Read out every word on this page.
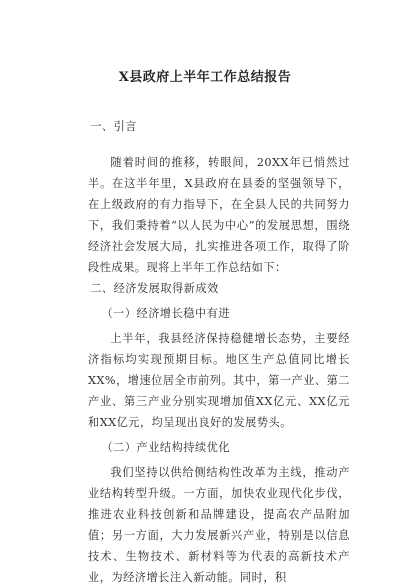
X县政府上半年工作总结报告

一、引言

随着时间的推移，转眼间，20XX年已悄然过半。在这半年里，X县政府在县委的坚强领导下，在上级政府的有力指导下，在全县人民的共同努力下，我们秉持着“以人民为中心”的发展思想，围绕经济社会发展大局，扎实推进各项工作，取得了阶段性成果。现将上半年工作总结如下：

二、经济发展取得新成效

（一）经济增长稳中有进

上半年，我县经济保持稳健增长态势，主要经济指标均实现预期目标。地区生产总值同比增长XX%，增速位居全市前列。其中，第一产业、第二产业、第三产业分别实现增加值XX亿元、XX亿元和XX亿元，均呈现出良好的发展势头。

（二）产业结构持续优化

我们坚持以供给侧结构性改革为主线，推动产业结构转型升级。一方面，加快农业现代化步伐，推进农业科技创新和品牌建设，提高农产品附加值；另一方面，大力发展新兴产业，特别是以信息技术、生物技术、新材料等为代表的高新技术产业，为经济增长注入新动能。同时，积
